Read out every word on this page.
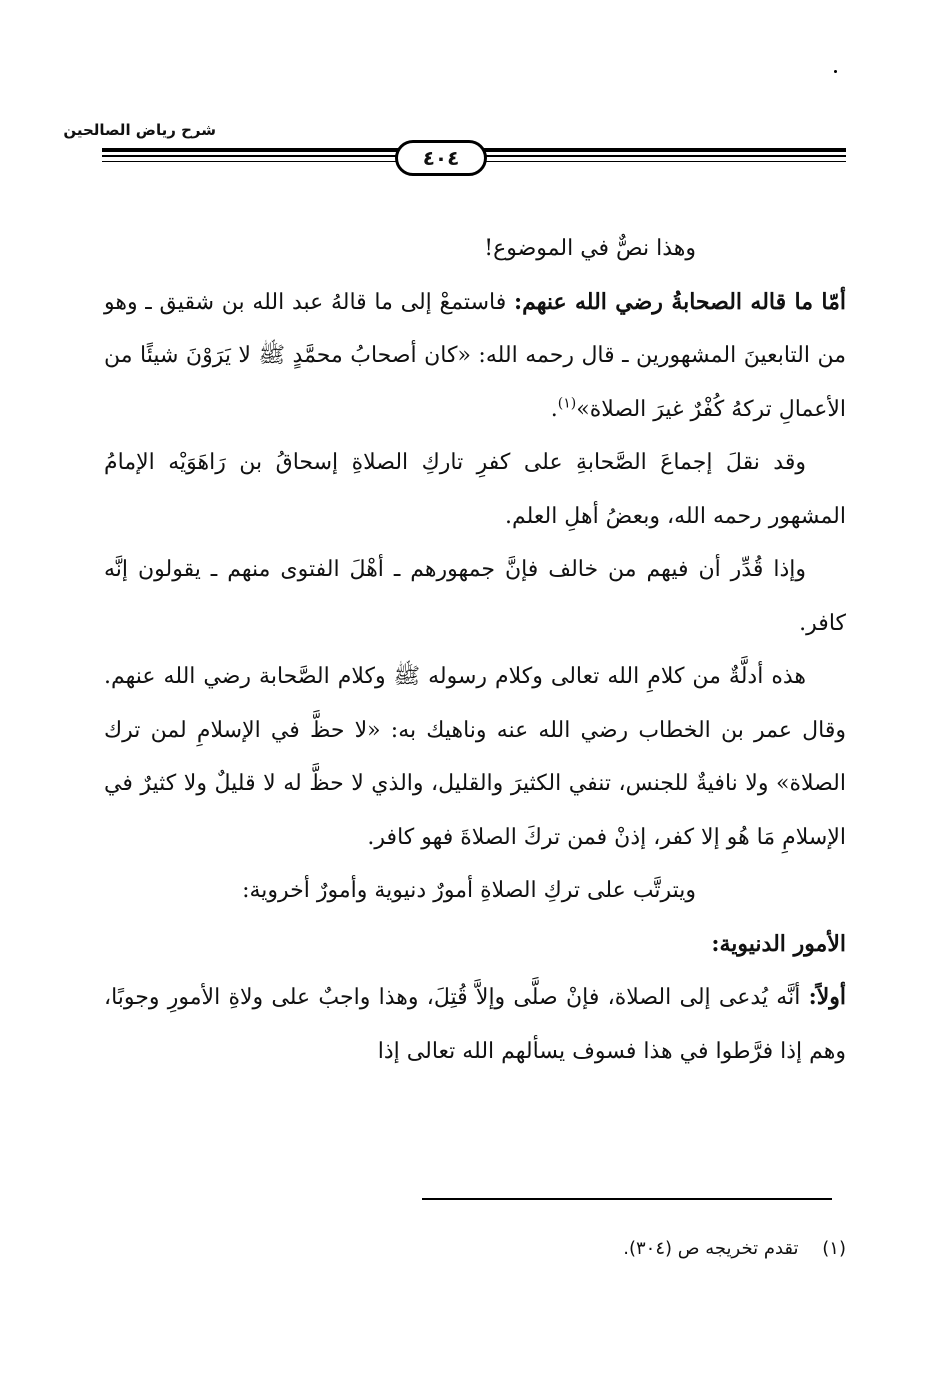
شرح رياض الصالحين
٤٠٤

وهذا نصٌّ في الموضوع!

أمّا ما قاله الصحابةُ رضي الله عنهم: فاستمعْ إلى ما قالهُ عبد الله بن شقيق ـ وهو من التابعينَ المشهورين ـ قال رحمه الله: «كان أصحابُ محمَّدٍ ﷺ لا يَرَوْنَ شيئًا من الأعمالِ تركهُ كُفْرٌ غيرَ الصلاة»$^{(١)}$.

وقد نقلَ إجماعَ الصَّحابةِ على كفرِ تاركِ الصلاةِ إسحاقُ بن رَاهَوَيْه الإمامُ المشهور رحمه الله، وبعضُ أهلِ العلم.

وإذا قُدِّر أن فيهم من خالف فإنَّ جمهورهم ـ أهْلَ الفتوى منهم ـ يقولون إنَّه كافر.

هذه أدلَّةٌ من كلامِ الله تعالى وكلام رسوله ﷺ وكلام الصَّحابة رضي الله عنهم. وقال عمر بن الخطاب رضي الله عنه وناهيك به: «لا حظَّ في الإسلامِ لمن ترك الصلاة» ولا نافيةٌ للجنس، تنفي الكثيرَ والقليل، والذي لا حظَّ له لا قليلٌ ولا كثيرٌ في الإسلامِ مَا هُو إلا كفر، إذنْ فمن تركَ الصلاةَ فهو كافر.

ويترتَّب على تركِ الصلاةِ أمورٌ دنيوية وأمورٌ أخروية:

الأمور الدنيوية:

أولاً: أنَّه يُدعى إلى الصلاة، فإنْ صلَّى وإلاَّ قُتِلَ، وهذا واجبٌ على ولاةِ الأمورِ وجوبًا، وهم إذا فرَّطوا في هذا فسوف يسألهم الله تعالى إذا

(١) تقدم تخريجه ص (٣٠٤).
